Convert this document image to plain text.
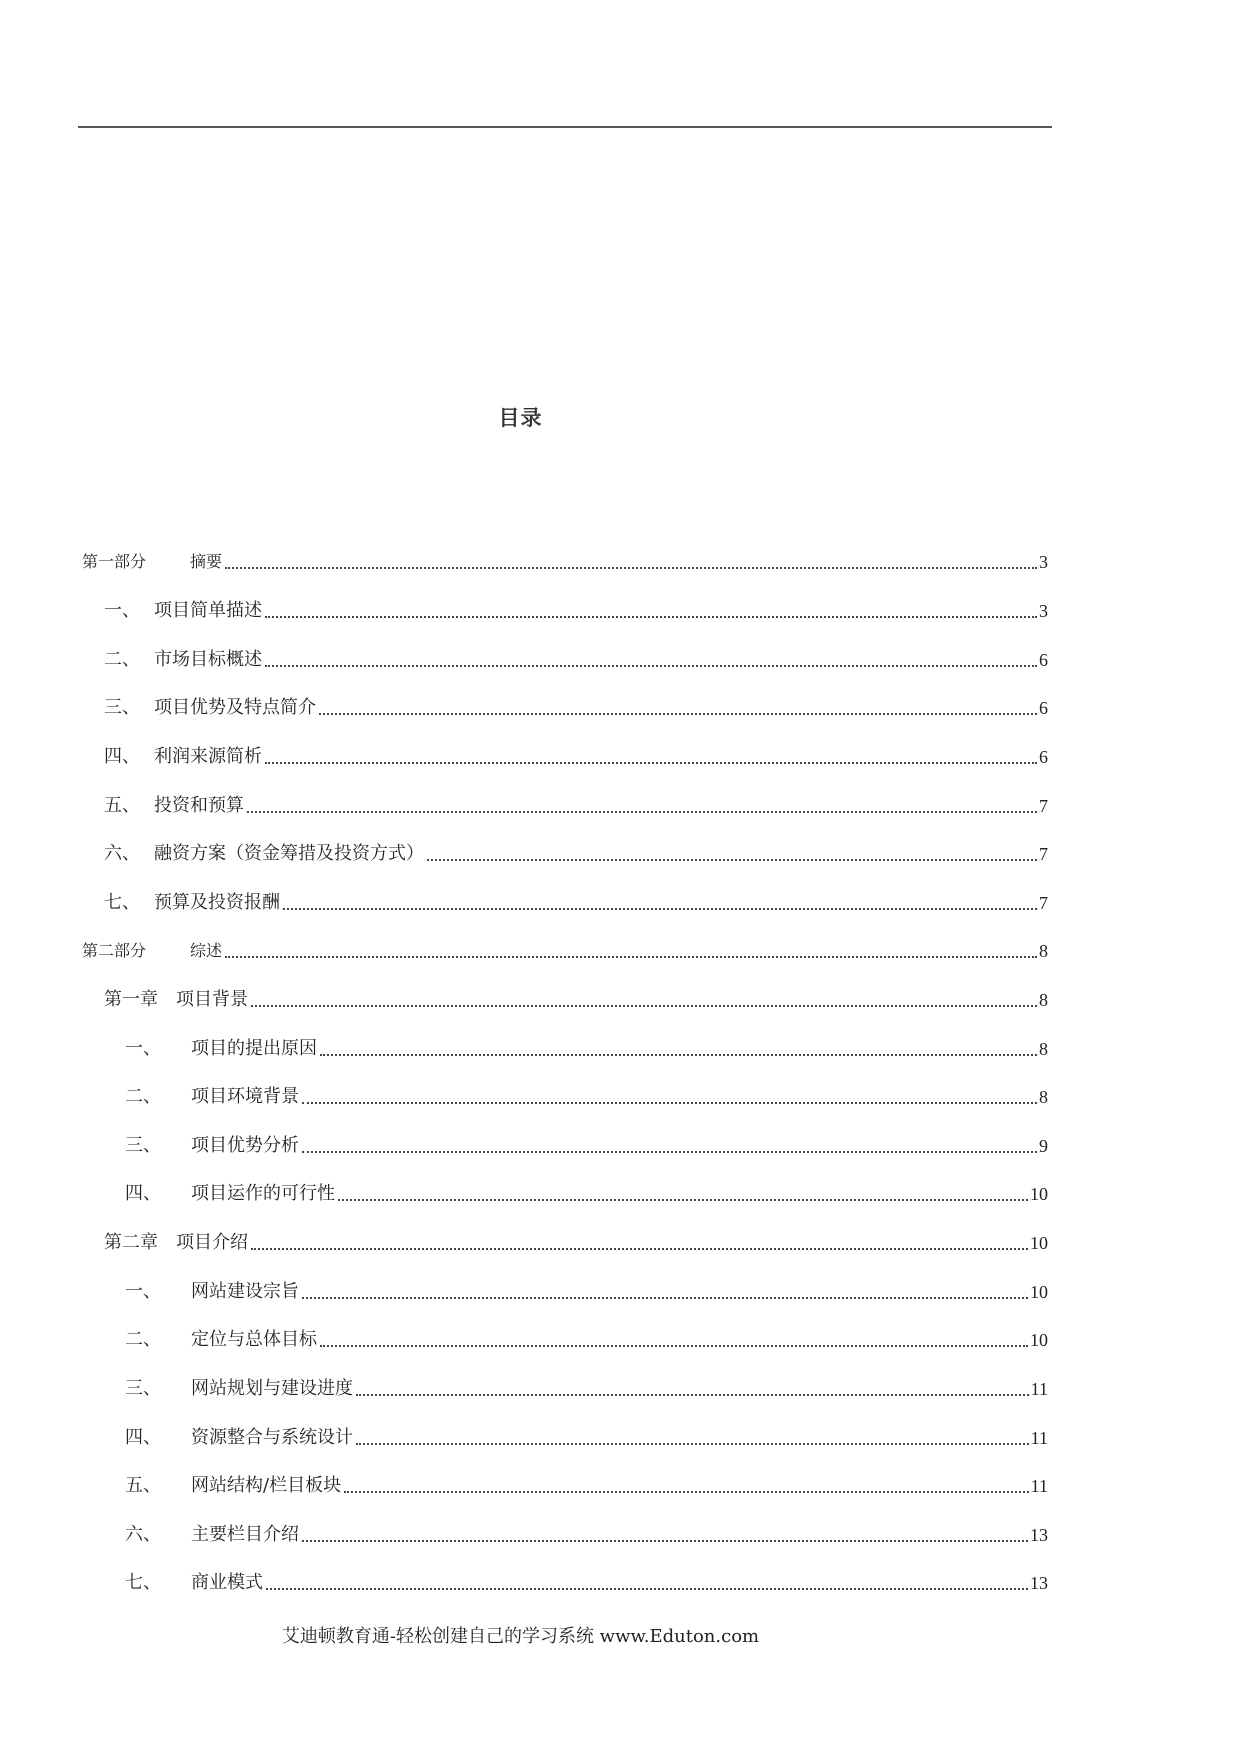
目录
第一部分	摘要	3
一、 项目简单描述	3
二、 市场目标概述	6
三、 项目优势及特点简介	6
四、 利润来源简析	6
五、 投资和预算	7
六、 融资方案（资金筹措及投资方式）	7
七、 预算及投资报酬	7
第二部分	综述	8
第一章	项目背景	8
一、	项目的提出原因	8
二、	项目环境背景	8
三、	项目优势分析	9
四、	项目运作的可行性	10
第二章	项目介绍	10
一、	网站建设宗旨	10
二、	定位与总体目标	10
三、	网站规划与建设进度	11
四、	资源整合与系统设计	11
五、	网站结构/栏目板块	11
六、	主要栏目介绍	13
七、	商业模式	13
艾迪顿教育通-轻松创建自己的学习系统 www.Eduton.com
